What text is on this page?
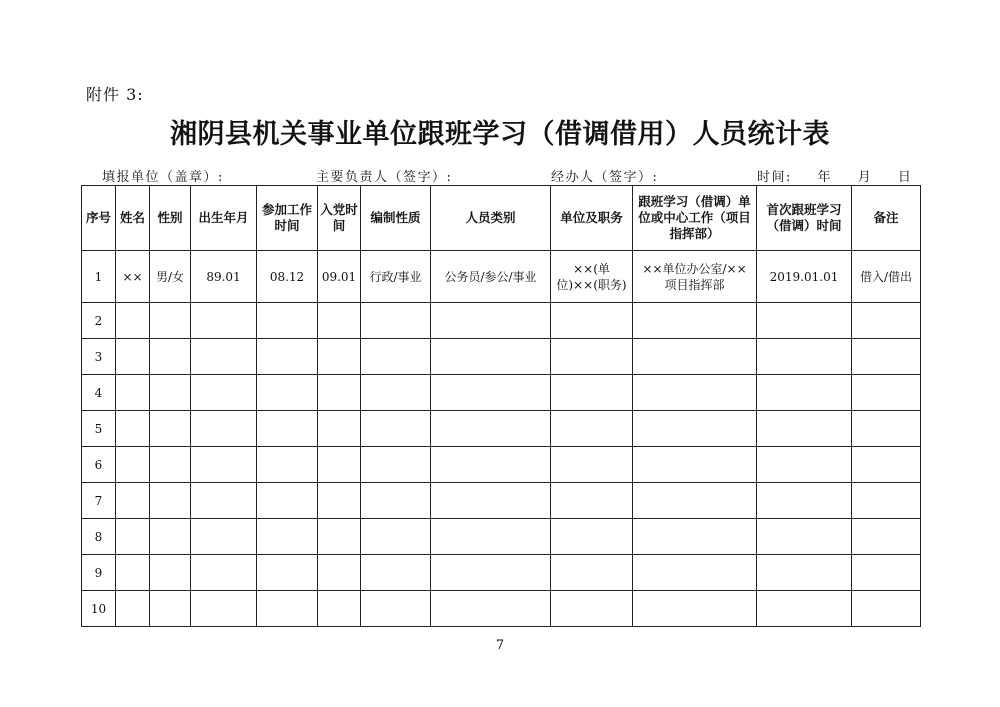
附件 3:
湘阴县机关事业单位跟班学习（借调借用）人员统计表
填报单位（盖章）:	主要负责人（签字）:	经办人（签字）:	时间: 年 月 日
序号	姓名	性别	出生年月	参加工作时间	入党时间	编制性质	人员类别	单位及职务	跟班学习（借调）单位或中心工作（项目指挥部）	首次跟班学习（借调）时间	备注
1	××	男/女	89.01	08.12	09.01	行政/事业	公务员/参公/事业	××(单位)××(职务)	××单位办公室/××项目指挥部	2019.01.01	借入/借出
2											
3											
4											
5											
6											
7											
8											
9											
10											
7
